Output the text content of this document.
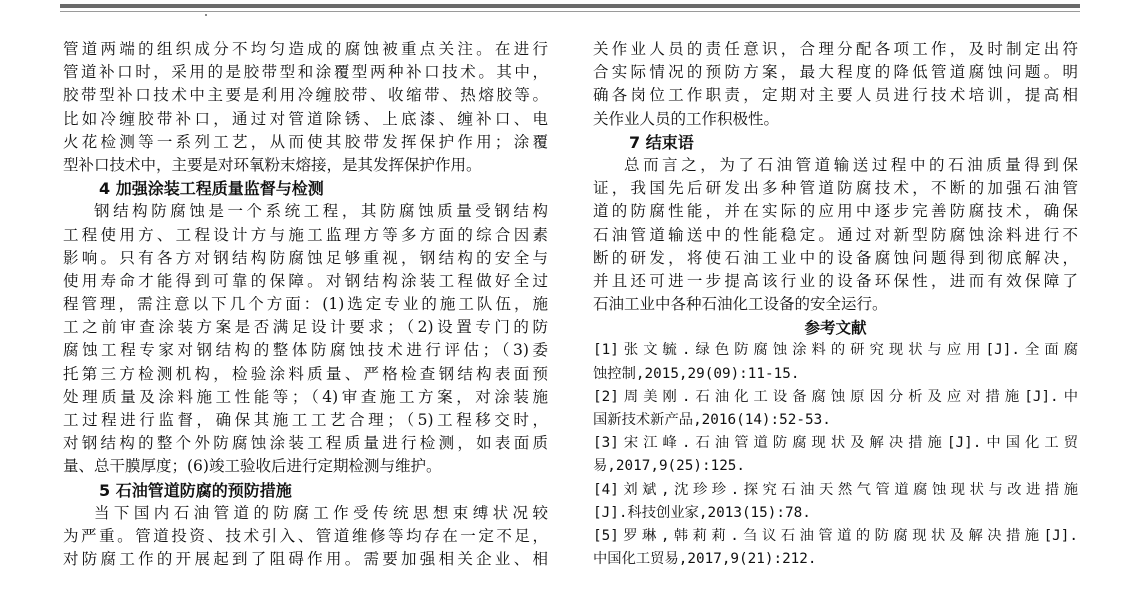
管道两端的组织成分不均匀造成的腐蚀被重点关注。在进行
管道补口时，采用的是胶带型和涂覆型两种补口技术。其中，
胶带型补口技术中主要是利用冷缠胶带、收缩带、热熔胶等。
比如冷缠胶带补口，通过对管道除锈、上底漆、缠补口、电
火花检测等一系列工艺，从而使其胶带发挥保护作用；涂覆
型补口技术中，主要是对环氧粉末熔接，是其发挥保护作用。
4 加强涂装工程质量监督与检测
钢结构防腐蚀是一个系统工程，其防腐蚀质量受钢结构
工程使用方、工程设计方与施工监理方等多方面的综合因素
影响。只有各方对钢结构防腐蚀足够重视，钢结构的安全与
使用寿命才能得到可靠的保障。对钢结构涂装工程做好全过
程管理，需注意以下几个方面：(1)选定专业的施工队伍，施
工之前审查涂装方案是否满足设计要求；（2)设置专门的防
腐蚀工程专家对钢结构的整体防腐蚀技术进行评估；（3)委
托第三方检测机构，检验涂料质量、严格检查钢结构表面预
处理质量及涂料施工性能等；（4)审查施工方案，对涂装施
工过程进行监督，确保其施工工艺合理；（5)工程移交时，
对钢结构的整个外防腐蚀涂装工程质量进行检测，如表面质
量、总干膜厚度；(6)竣工验收后进行定期检测与维护。
5 石油管道防腐的预防措施
当下国内石油管道的防腐工作受传统思想束缚状况较
为严重。管道投资、技术引入、管道维修等均存在一定不足，
对防腐工作的开展起到了阻碍作用。需要加强相关企业、相
关作业人员的责任意识，合理分配各项工作，及时制定出符
合实际情况的预防方案，最大程度的降低管道腐蚀问题。明
确各岗位工作职责，定期对主要人员进行技术培训，提高相
关作业人员的工作积极性。
7 结束语
总而言之，为了石油管道输送过程中的石油质量得到保
证，我国先后研发出多种管道防腐技术，不断的加强石油管
道的防腐性能，并在实际的应用中逐步完善防腐技术，确保
石油管道输送中的性能稳定。通过对新型防腐蚀涂料进行不
断的研发，将使石油工业中的设备腐蚀问题得到彻底解决，
并且还可进一步提高该行业的设备环保性，进而有效保障了
石油工业中各种石油化工设备的安全运行。
参考文献
[1]张文毓.绿色防腐蚀涂料的研究现状与应用[J].全面腐
蚀控制,2015,29(09):11-15.
[2]周美刚.石油化工设备腐蚀原因分析及应对措施[J].中
国新技术新产品,2016(14):52-53.
[3]宋江峰.石油管道防腐现状及解决措施[J].中国化工贸
易,2017,9(25):125.
[4]刘斌,沈珍珍.探究石油天然气管道腐蚀现状与改进措施
[J].科技创业家,2013(15):78.
[5]罗琳,韩莉莉.刍议石油管道的防腐现状及解决措施[J].
中国化工贸易,2017,9(21):212.
